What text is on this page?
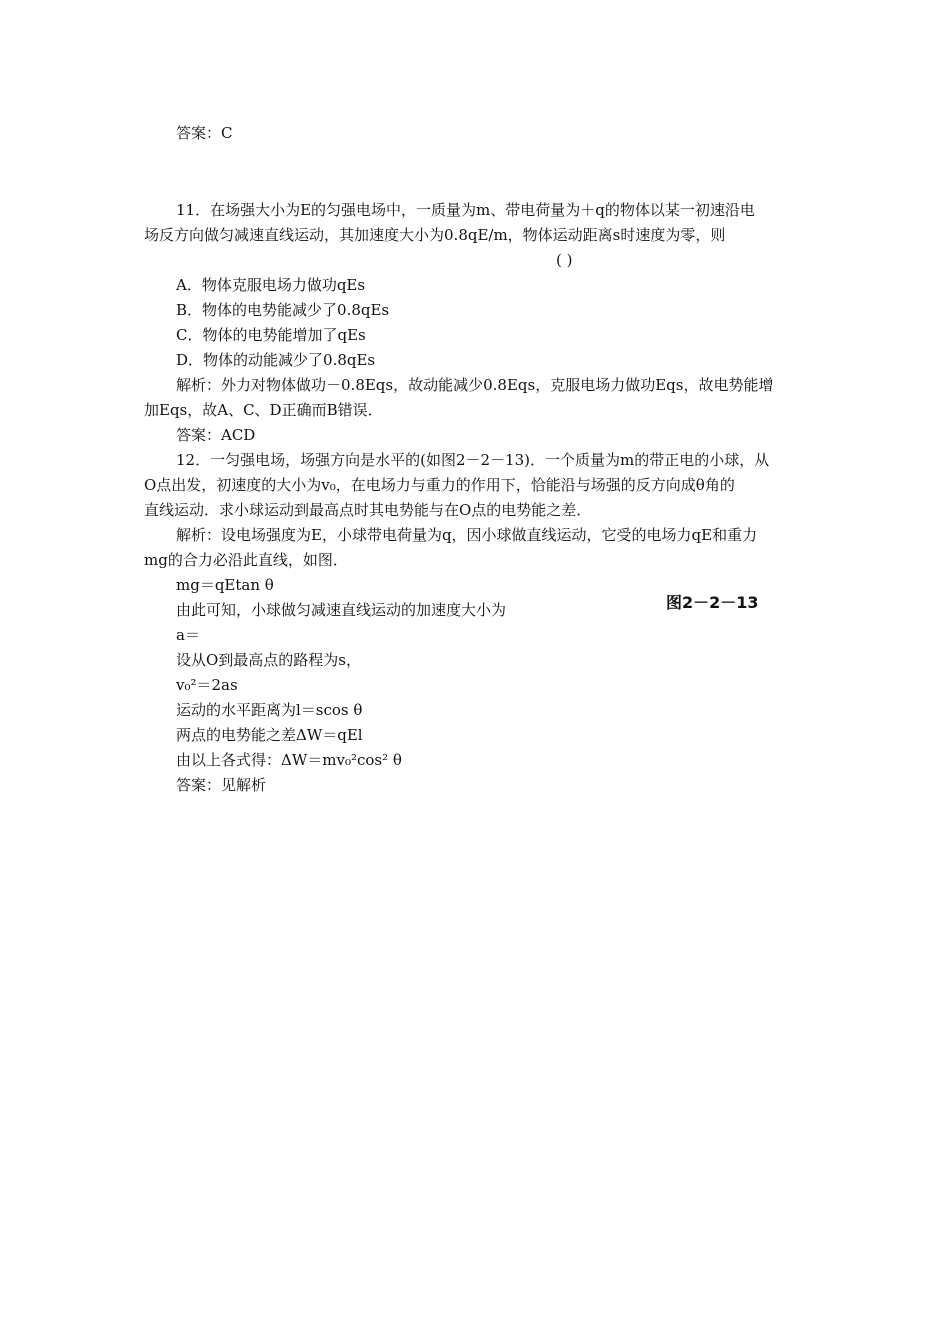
答案：C
11．在场强大小为E的匀强电场中，一质量为m、带电荷量为＋q的物体以某一初速沿电
场反方向做匀减速直线运动，其加速度大小为0.8qE/m，物体运动距离s时速度为零，则
( )
A．物体克服电场力做功qEs
B．物体的电势能减少了0.8qEs
C．物体的电势能增加了qEs
D．物体的动能减少了0.8qEs
解析：外力对物体做功－0.8Eqs，故动能减少0.8Eqs，克服电场力做功Eqs，故电势能增
加Eqs，故A、C、D正确而B错误．
答案：ACD
12．一匀强电场，场强方向是水平的(如图2－2－13)．一个质量为m的带正电的小球，从
O点出发，初速度的大小为v₀，在电场力与重力的作用下，恰能沿与场强的反方向成θ角的
直线运动．求小球运动到最高点时其电势能与在O点的电势能之差．
解析：设电场强度为E，小球带电荷量为q，因小球做直线运动，它受的电场力qE和重力
mg的合力必沿此直线，如图．
mg＝qEtan θ
由此可知，小球做匀减速直线运动的加速度大小为
a＝
设从O到最高点的路程为s，
v₀²＝2as
运动的水平距离为l＝scos θ
两点的电势能之差ΔW＝qEl
由以上各式得：ΔW＝mv₀²cos² θ
答案：见解析
图2－2－13
